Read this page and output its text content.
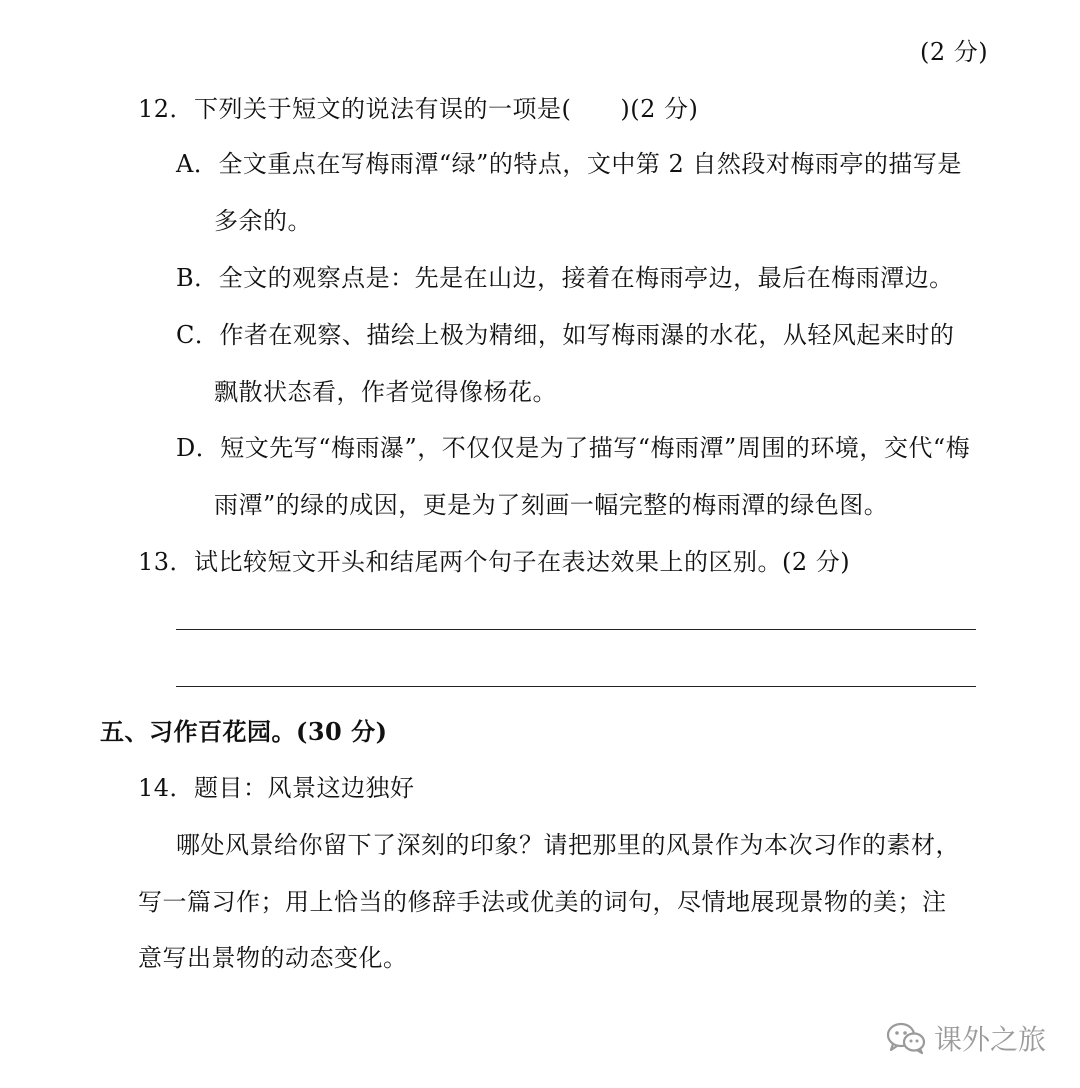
(2 分)
12．下列关于短文的说法有误的一项是(　　)(2 分)
A．全文重点在写梅雨潭“绿”的特点，文中第 2 自然段对梅雨亭的描写是
多余的。
B．全文的观察点是：先是在山边，接着在梅雨亭边，最后在梅雨潭边。
C．作者在观察、描绘上极为精细，如写梅雨瀑的水花，从轻风起来时的
飘散状态看，作者觉得像杨花。
D．短文先写“梅雨瀑”，不仅仅是为了描写“梅雨潭”周围的环境，交代“梅
雨潭”的绿的成因，更是为了刻画一幅完整的梅雨潭的绿色图。
13．试比较短文开头和结尾两个句子在表达效果上的区别。(2 分)
五、习作百花园。(30 分)
14．题目：风景这边独好
哪处风景给你留下了深刻的印象？请把那里的风景作为本次习作的素材，
写一篇习作；用上恰当的修辞手法或优美的词句，尽情地展现景物的美；注
意写出景物的动态变化。
课外之旅
